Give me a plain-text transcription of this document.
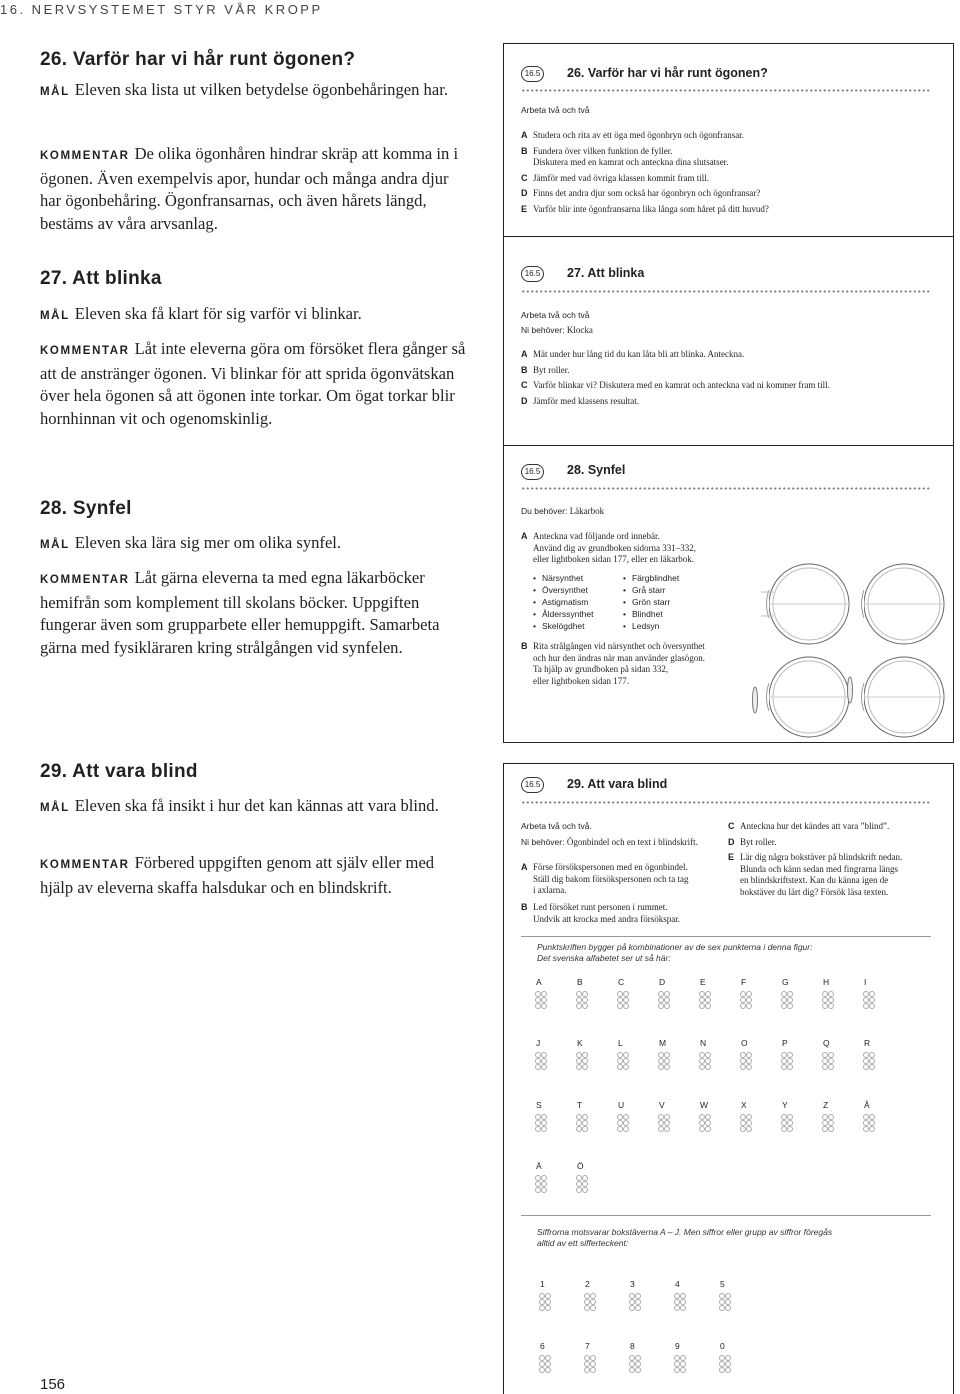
16. NERVSYSTEMET STYR VÅR KROPP
26. Varför har vi hår runt ögonen?
MÅL Eleven ska lista ut vilken betydelse ögonbehåringen har.
KOMMENTAR De olika ögonhåren hindrar skräp att komma in i ögonen. Även exempelvis apor, hundar och många andra djur har ögonbehåring. Ögonfransarnas, och även hårets längd, bestäms av våra arvsanlag.
27. Att blinka
MÅL Eleven ska få klart för sig varför vi blinkar.
KOMMENTAR Låt inte eleverna göra om försöket flera gånger så att de anstränger ögonen. Vi blinkar för att sprida ögonvätskan över hela ögonen så att ögonen inte torkar. Om ögat torkar blir hornhinnan vit och ogenomskinlig.
28. Synfel
MÅL Eleven ska lära sig mer om olika synfel.
KOMMENTAR Låt gärna eleverna ta med egna läkarböcker hemifrån som komplement till skolans böcker. Uppgiften fungerar även som grupparbete eller hemuppgift. Samarbeta gärna med fysikläraren kring strålgången vid synfelen.
29. Att vara blind
MÅL Eleven ska få insikt i hur det kan kännas att vara blind.
KOMMENTAR Förbered uppgiften genom att själv eller med hjälp av eleverna skaffa halsdukar och en blindskrift.
156
16.5 26. Varför har vi hår runt ögonen?
Arbeta två och två
A Studera och rita av ett öga med ögonbryn och ögonfransar.
B Fundera över vilken funktion de fyller.
Diskutera med en kamrat och anteckna dina slutsatser.
C Jämför med vad övriga klassen kommit fram till.
D Finns det andra djur som också har ögonbryn och ögonfransar?
E Varför blir inte ögonfransarna lika långa som håret på ditt huvud?
16.5 27. Att blinka
Arbeta två och två
Ni behöver: Klocka
A Mät under hur lång tid du kan låta bli att blinka. Anteckna.
B Byt roller.
C Varför blinkar vi? Diskutera med en kamrat och anteckna vad ni kommer fram till.
D Jämför med klassens resultat.
16.5 28. Synfel
Du behöver: Läkarbok
A Anteckna vad följande ord innebär.
Använd dig av grundboken sidorna 331–332,
eller lightboken sidan 177, eller en läkarbok.
• Närsynthet
• Översynthet
• Astigmatism
• Ålderssynthet
• Skelögdhet
• Färgblindhet
• Grå starr
• Grön starr
• Blindhet
• Ledsyn
B Rita strålgången vid närsynthet och översynthet
och hur den ändras när man använder glasögon.
Ta hjälp av grundboken på sidan 332,
eller lightboken sidan 177.
16.5 29. Att vara blind
Arbeta två och två.
Ni behöver: Ögonbindel och en text i blindskrift.
A Förse försökspersonen med en ögonbindel.
Ställ dig bakom försökspersonen och ta tag
i axlarna.
B Led försöket runt personen i rummet.
Undvik att krocka med andra försökspar.
C Anteckna hur det kändes att vara ”blind”.
D Byt roller.
E Lär dig några bokstäver på blindskrift nedan.
Blunda och känn sedan med fingrarna längs
en blindskriftstext. Kan du känna igen de
bokstäver du lärt dig? Försök läsa texten.
Punktskriften bygger på kombinationer av de sex punkterna i denna figur:
Det svenska alfabetet ser ut så här:
A	B	C	D	E	F	G	H	I
J	K	L	M	N	O	P	Q	R
S	T	U	V	W	X	Y	Z	Å
Ä	Ö
Siffrorna motsvarar bokstäverna A – J. Men siffror eller grupp av siffror föregås
alltid av ett sifferteckent:
1	2	3	4	5
6	7	8	9	0
